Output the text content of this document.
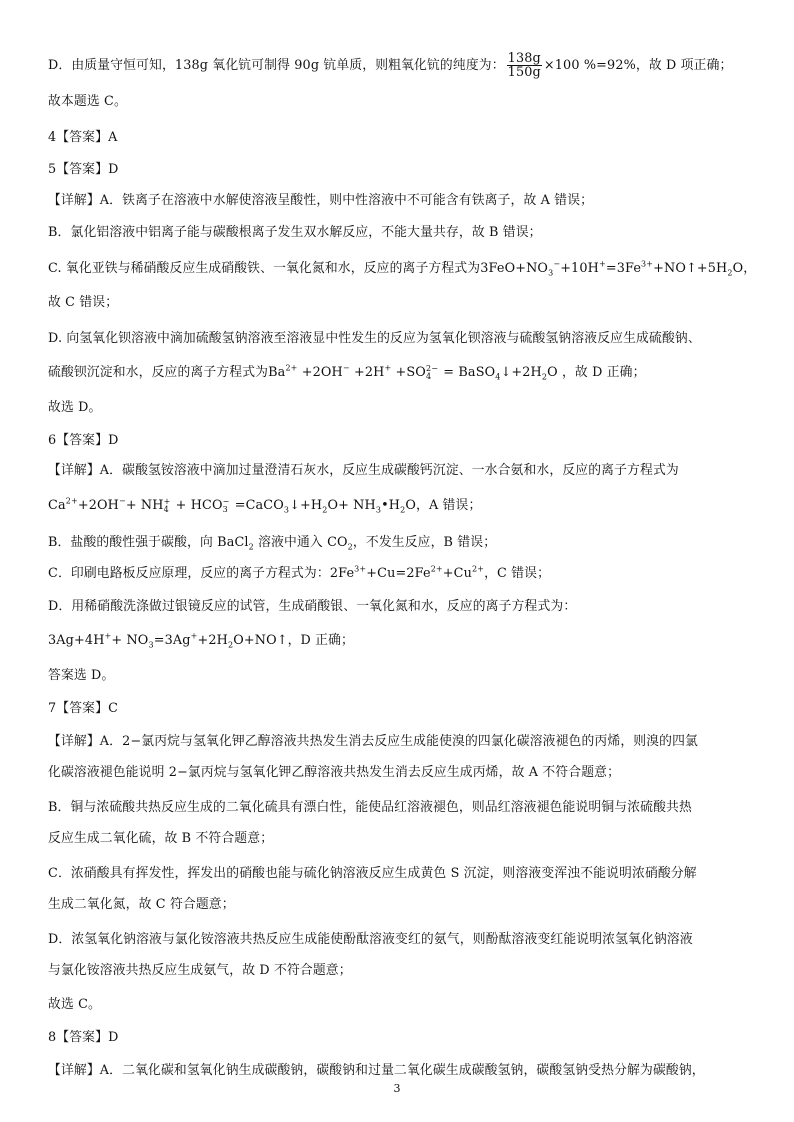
D．由质量守恒可知，138g 氧化钪可制得 90g 钪单质，则粗氧化钪的纯度为： $\frac{138g}{150g} \times 100$ %=92%，故 D 项正确；
故本题选 C。
4【答案】A
5【答案】D
【详解】A．铁离子在溶液中水解使溶液呈酸性，则中性溶液中不可能含有铁离子，故 A 错误；
B．氯化铝溶液中铝离子能与碳酸根离子发生双水解反应，不能大量共存，故 B 错误；
C. 氧化亚铁与稀硝酸反应生成硝酸铁、一氧化氮和水，反应的离子方程式为$3FeO+NO_3^-+10H^+=3Fe^{3+}+NO↑+5H_2O$，
故 C 错误；
D. 向氢氧化钡溶液中滴加硫酸氢钠溶液至溶液显中性发生的反应为氢氧化钡溶液与硫酸氢钠溶液反应生成硫酸钠、
硫酸钡沉淀和水，反应的离子方程式为$Ba^{2+} +2OH^- +2H^+ +SO$ 2−
$4 = BaSO_4↓+2H_2O$ ，故 D 正确；
故选 D。
6【答案】D
【详解】A．碳酸氢铵溶液中滴加过量澄清石灰水，反应生成碳酸钙沉淀、一水合氨和水，反应的离子方程式为
$Ca^{2+}+2OH^-+$ NH +
4 + HCO −
$3 =CaCO_3↓+H_2O+$ $NH_3•H_2O$，A 错误；
B．盐酸的酸性强于碳酸，向 BaCl$_2$ 溶液中通入 $CO_2$，不发生反应，B 错误；
C．印刷电路板反应原理，反应的离子方程式为：$2Fe^{3+}+Cu=2Fe^{2+}+Cu^{2+}$，C 错误；
D．用稀硝酸洗涤做过银镜反应的试管，生成硝酸银、一氧化氮和水，反应的离子方程式为：
$3Ag+4H^++ NO_3=3Ag^++2H_2O+NO↑$，D 正确；
答案选 D。
7【答案】C
【详解】A．2−氯丙烷与氢氧化钾乙醇溶液共热发生消去反应生成能使溴的四氯化碳溶液褪色的丙烯，则溴的四氯
化碳溶液褪色能说明 2−氯丙烷与氢氧化钾乙醇溶液共热发生消去反应生成丙烯，故 A 不符合题意；
B．铜与浓硫酸共热反应生成的二氧化硫具有漂白性，能使品红溶液褪色，则品红溶液褪色能说明铜与浓硫酸共热
反应生成二氧化硫，故 B 不符合题意；
C．浓硝酸具有挥发性，挥发出的硝酸也能与硫化钠溶液反应生成黄色 S 沉淀，则溶液变浑浊不能说明浓硝酸分解
生成二氧化氮，故 C 符合题意；
D．浓氢氧化钠溶液与氯化铵溶液共热反应生成能使酚酞溶液变红的氨气，则酚酞溶液变红能说明浓氢氧化钠溶液
与氯化铵溶液共热反应生成氨气，故 D 不符合题意；
故选 C。
8【答案】D
【详解】A．二氧化碳和氢氧化钠生成碳酸钠，碳酸钠和过量二氧化碳生成碳酸氢钠，碳酸氢钠受热分解为碳酸钠，
3
